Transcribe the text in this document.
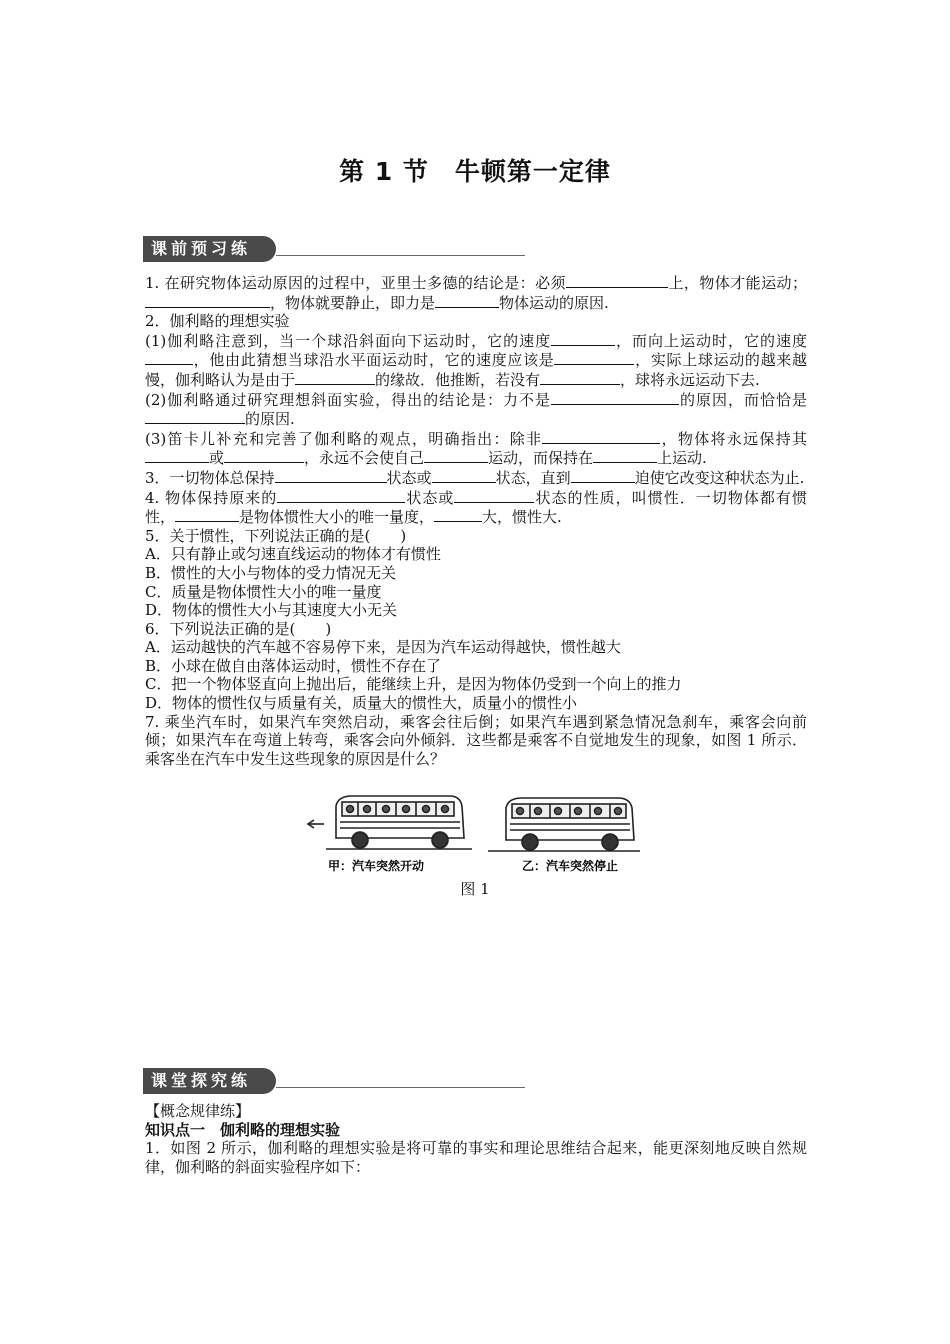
第 1 节　牛顿第一定律
课前预习练

1. 在研究物体运动原因的过程中，亚里士多德的结论是：必须	上，物体才能运动；，物体就要静止，即力是	物体运动的原因.

2．伽利略的理想实验

(1)伽利略注意到，当一个球沿斜面向下运动时，它的速度	，而向上运动时，它的速度，他由此猜想当球沿水平面运动时，它的速度应该是	，实际上球运动的越来越慢，伽利略认为是由于	的缘故．他推断，若没有	，球将永远运动下去.

(2)伽利略通过研究理想斜面实验，得出的结论是：力不是	的原因，而恰恰是的原因.

(3)笛卡儿补充和完善了伽利略的观点，明确指出：除非	，物体将永远保持其或	，永远不会使自己	运动，而保持在	上运动.

3．一切物体总保持	状态或	状态，直到	迫使它改变这种状态为止.

4. 物体保持原来的	状态或	状态的性质，叫惯性．一切物体都有惯性，	是物体惯性大小的唯一量度，	大，惯性大.

5．关于惯性，下列说法正确的是(　　)

A．只有静止或匀速直线运动的物体才有惯性

B．惯性的大小与物体的受力情况无关

C．质量是物体惯性大小的唯一量度

D．物体的惯性大小与其速度大小无关

6．下列说法正确的是(　　)

A．运动越快的汽车越不容易停下来，是因为汽车运动得越快，惯性越大

B．小球在做自由落体运动时，惯性不存在了

C．把一个物体竖直向上抛出后，能继续上升，是因为物体仍受到一个向上的推力

D．物体的惯性仅与质量有关，质量大的惯性大，质量小的惯性小

7. 乘坐汽车时，如果汽车突然启动，乘客会往后倒；如果汽车遇到紧急情况急刹车，乘客会向前倾；如果汽车在弯道上转弯，乘客会向外倾斜．这些都是乘客不自觉地发生的现象，如图 1 所示．乘客坐在汽车中发生这些现象的原因是什么？

甲：汽车突然开动	乙：汽车突然停止
图 1
课堂探究练

【概念规律练】

知识点一　伽利略的理想实验

1．如图 2 所示，伽利略的理想实验是将可靠的事实和理论思维结合起来，能更深刻地反映自然规律，伽利略的斜面实验程序如下：
